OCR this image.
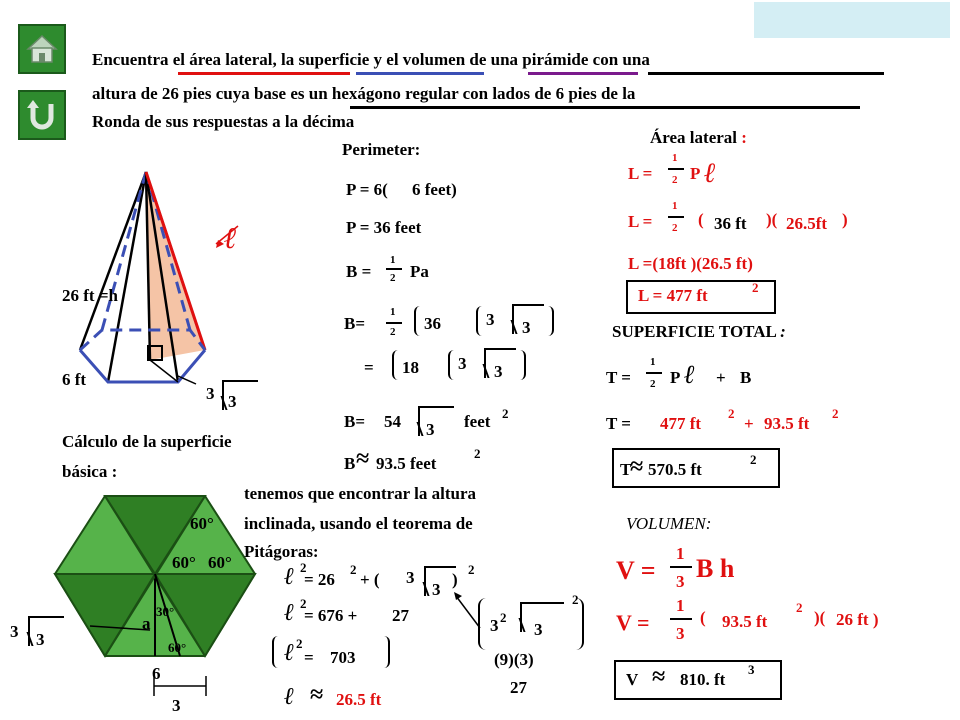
Encuentra el área lateral, la superficie y el volumen de una pirámide con una
altura de 26 pies cuya base es un hexágono regular con lados de 6 pies de la
Ronda de sus respuestas a la décima
ℓ
26 ft =h
6 ft
3 3
Cálculo de la superficie
básica :
60°
60° 60°
30°
60°
a
6
3 3
3
Perimeter:
P = 6( 6 feet)
P = 36 feet
B =
1
2 Pa
B=
1
2 36	3 3
= 18 3 3
B= 54 3 feet 2
B ≈ 93.5 feet
2
tenemos que encontrar la altura
inclinada, usando el teorema de
Pitágoras:
ℓ 2
= 26
2
+ ( 3
3
)
2
ℓ 2
= 676 + 27
ℓ 2
= 703
ℓ ≈ 26.5 ft
3 2
3
2
(9)(3)
27
Área lateral :
L =
1
2 P ℓ
L =
1
2 ( 36 ft )( 26.5ft )
L =(18ft )(26.5 ft)
L = 477 ft	2
SUPERFICIE TOTAL :
T =
1
2 P ℓ + B
T = 477 ft
2
+ 93.5 ft
2
T
≈ 570.5 ft
2
VOLUMEN:
V =
1
3 B h
V =
1
3
( 93.5 ft
2
)( 26 ft )
V ≈ 810. ft
3
